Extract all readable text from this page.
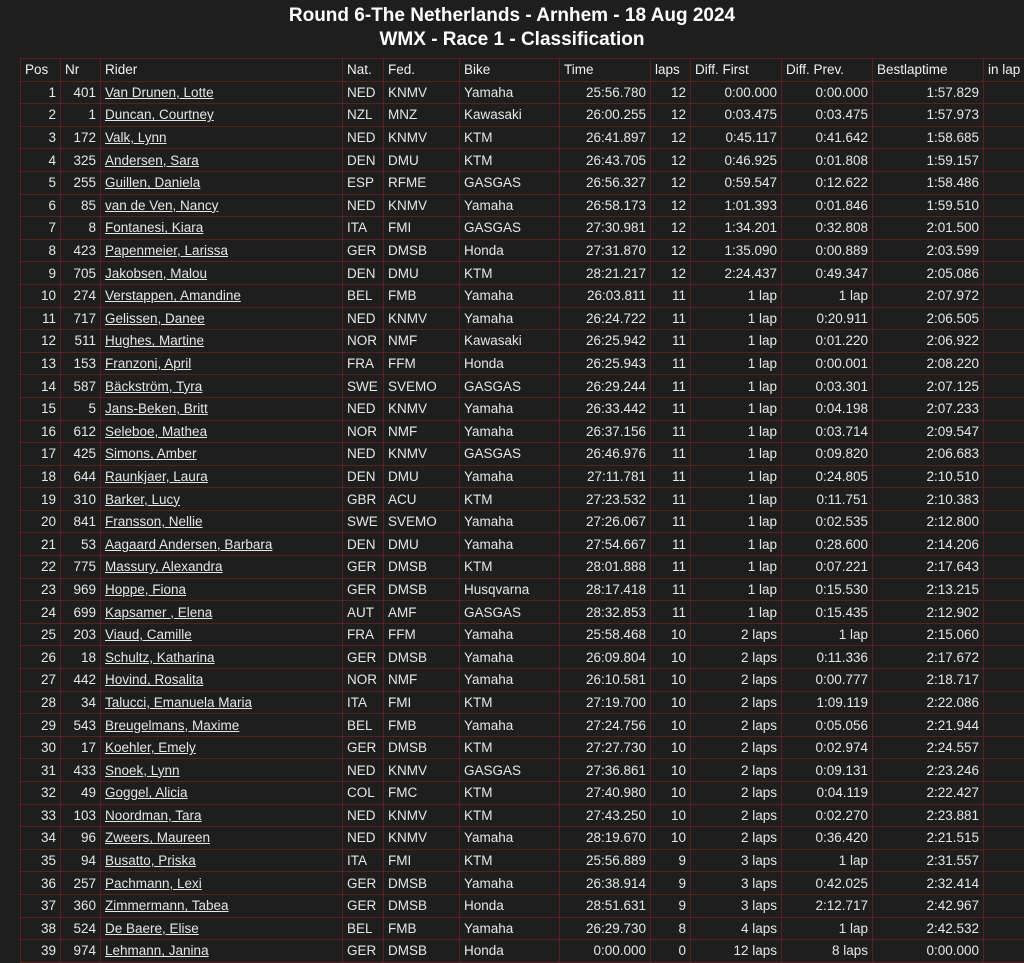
Round 6-The Netherlands - Arnhem - 18 Aug 2024
WMX - Race 1 - Classification
Pos	Nr	Rider	Nat.	Fed.	Bike	Time	laps	Diff. First	Diff. Prev.	Bestlaptime	in lap
1	401	Van Drunen, Lotte	NED	KNMV	Yamaha	25:56.780	12	0:00.000	0:00.000	1:57.829	
2	1	Duncan, Courtney	NZL	MNZ	Kawasaki	26:00.255	12	0:03.475	0:03.475	1:57.973	
3	172	Valk, Lynn	NED	KNMV	KTM	26:41.897	12	0:45.117	0:41.642	1:58.685	
4	325	Andersen, Sara	DEN	DMU	KTM	26:43.705	12	0:46.925	0:01.808	1:59.157	
5	255	Guillen, Daniela	ESP	RFME	GASGAS	26:56.327	12	0:59.547	0:12.622	1:58.486	
6	85	van de Ven, Nancy	NED	KNMV	Yamaha	26:58.173	12	1:01.393	0:01.846	1:59.510	
7	8	Fontanesi, Kiara	ITA	FMI	GASGAS	27:30.981	12	1:34.201	0:32.808	2:01.500	
8	423	Papenmeier, Larissa	GER	DMSB	Honda	27:31.870	12	1:35.090	0:00.889	2:03.599	
9	705	Jakobsen, Malou	DEN	DMU	KTM	28:21.217	12	2:24.437	0:49.347	2:05.086	
10	274	Verstappen, Amandine	BEL	FMB	Yamaha	26:03.811	11	1 lap	1 lap	2:07.972	
11	717	Gelissen, Danee	NED	KNMV	Yamaha	26:24.722	11	1 lap	0:20.911	2:06.505	
12	511	Hughes, Martine	NOR	NMF	Kawasaki	26:25.942	11	1 lap	0:01.220	2:06.922	
13	153	Franzoni, April	FRA	FFM	Honda	26:25.943	11	1 lap	0:00.001	2:08.220	
14	587	Bäckström, Tyra	SWE	SVEMO	GASGAS	26:29.244	11	1 lap	0:03.301	2:07.125	
15	5	Jans-Beken, Britt	NED	KNMV	Yamaha	26:33.442	11	1 lap	0:04.198	2:07.233	
16	612	Seleboe, Mathea	NOR	NMF	Yamaha	26:37.156	11	1 lap	0:03.714	2:09.547	
17	425	Simons, Amber	NED	KNMV	GASGAS	26:46.976	11	1 lap	0:09.820	2:06.683	
18	644	Raunkjaer, Laura	DEN	DMU	Yamaha	27:11.781	11	1 lap	0:24.805	2:10.510	
19	310	Barker, Lucy	GBR	ACU	KTM	27:23.532	11	1 lap	0:11.751	2:10.383	
20	841	Fransson, Nellie	SWE	SVEMO	Yamaha	27:26.067	11	1 lap	0:02.535	2:12.800	
21	53	Aagaard Andersen, Barbara	DEN	DMU	Yamaha	27:54.667	11	1 lap	0:28.600	2:14.206	
22	775	Massury, Alexandra	GER	DMSB	KTM	28:01.888	11	1 lap	0:07.221	2:17.643	
23	969	Hoppe, Fiona	GER	DMSB	Husqvarna	28:17.418	11	1 lap	0:15.530	2:13.215	
24	699	Kapsamer , Elena	AUT	AMF	GASGAS	28:32.853	11	1 lap	0:15.435	2:12.902	
25	203	Viaud, Camille	FRA	FFM	Yamaha	25:58.468	10	2 laps	1 lap	2:15.060	
26	18	Schultz, Katharina	GER	DMSB	Yamaha	26:09.804	10	2 laps	0:11.336	2:17.672	
27	442	Hovind, Rosalita	NOR	NMF	Yamaha	26:10.581	10	2 laps	0:00.777	2:18.717	
28	34	Talucci, Emanuela Maria	ITA	FMI	KTM	27:19.700	10	2 laps	1:09.119	2:22.086	
29	543	Breugelmans, Maxime	BEL	FMB	Yamaha	27:24.756	10	2 laps	0:05.056	2:21.944	
30	17	Koehler, Emely	GER	DMSB	KTM	27:27.730	10	2 laps	0:02.974	2:24.557	
31	433	Snoek, Lynn	NED	KNMV	GASGAS	27:36.861	10	2 laps	0:09.131	2:23.246	
32	49	Goggel, Alicia	COL	FMC	KTM	27:40.980	10	2 laps	0:04.119	2:22.427	
33	103	Noordman, Tara	NED	KNMV	KTM	27:43.250	10	2 laps	0:02.270	2:23.881	
34	96	Zweers, Maureen	NED	KNMV	Yamaha	28:19.670	10	2 laps	0:36.420	2:21.515	
35	94	Busatto, Priska	ITA	FMI	KTM	25:56.889	9	3 laps	1 lap	2:31.557	
36	257	Pachmann, Lexi	GER	DMSB	Yamaha	26:38.914	9	3 laps	0:42.025	2:32.414	
37	360	Zimmermann, Tabea	GER	DMSB	Honda	28:51.631	9	3 laps	2:12.717	2:42.967	
38	524	De Baere, Elise	BEL	FMB	Yamaha	26:29.730	8	4 laps	1 lap	2:42.532	
39	974	Lehmann, Janina	GER	DMSB	Honda	0:00.000	0	12 laps	8 laps	0:00.000	
